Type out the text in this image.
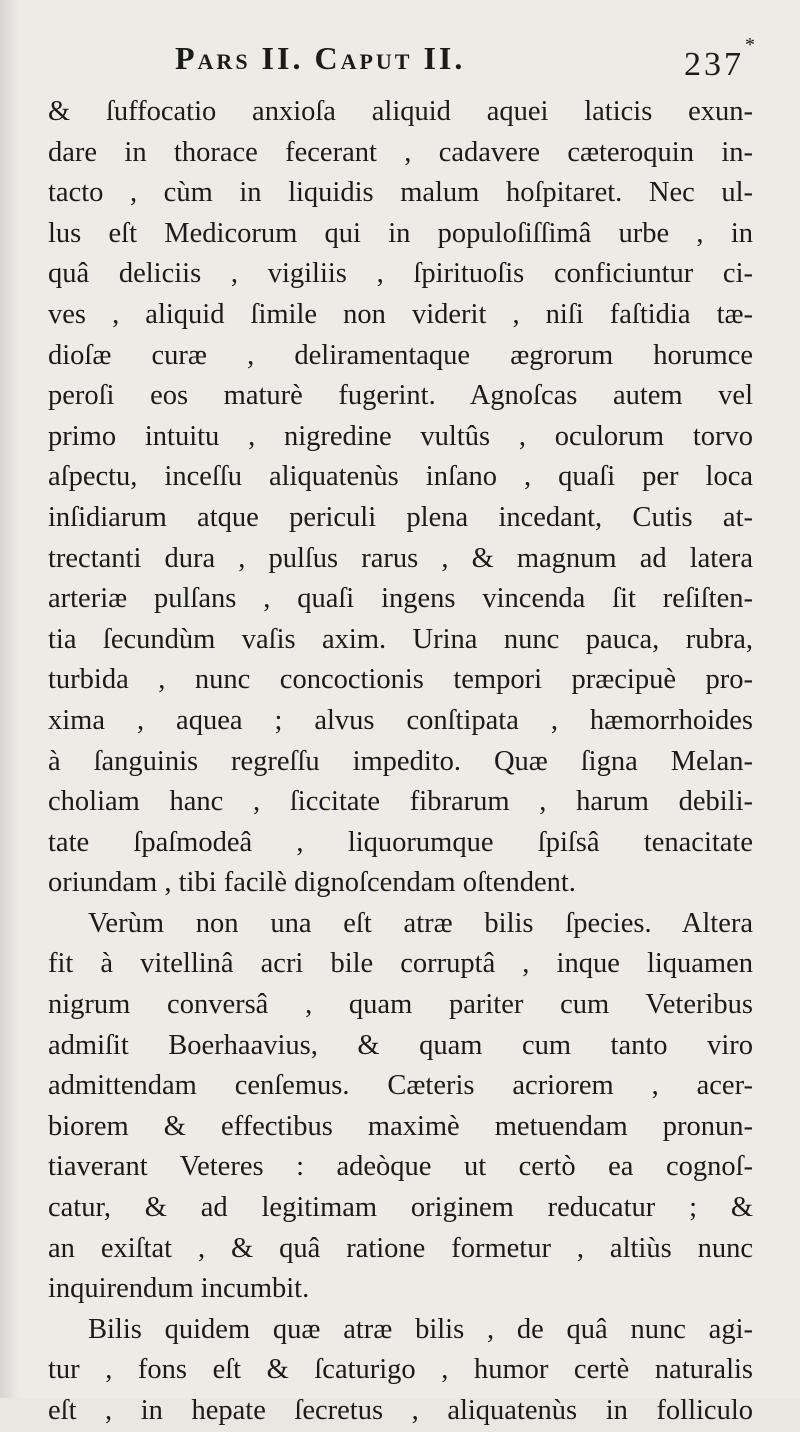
Pars II. Caput II.	237
*
& ſuffocatio anxioſa aliquid aquei laticis exun-
dare in thorace fecerant , cadavere cæteroquin in-
tacto , cùm in liquidis malum hoſpitaret. Nec ul-
lus eſt Medicorum qui in populoſiſſimâ urbe , in
quâ deliciis , vigiliis , ſpirituoſis conficiuntur ci-
ves , aliquid ſimile non viderit , niſi faſtidia tæ-
dioſæ curæ , deliramentaque ægrorum horumce
peroſi eos maturè fugerint. Agnoſcas autem vel
primo intuitu , nigredine vultûs , oculorum torvo
aſpectu, inceſſu aliquatenùs inſano , quaſi per loca
inſidiarum atque periculi plena incedant, Cutis at-
trectanti dura , pulſus rarus , & magnum ad latera
arteriæ pulſans , quaſi ingens vincenda ſit reſiſten-
tia ſecundùm vaſis axim. Urina nunc pauca, rubra,
turbida , nunc concoctionis tempori præcipuè pro-
xima , aquea ; alvus conſtipata , hæmorrhoides
à ſanguinis regreſſu impedito. Quæ ſigna Melan-
choliam hanc , ſiccitate fibrarum , harum debili-
tate ſpaſmodeâ , liquorumque ſpiſsâ tenacitate
oriundam , tibi facilè dignoſcendam oſtendent.
Verùm non una eſt atræ bilis ſpecies. Altera
fit à vitellinâ acri bile corruptâ , inque liquamen
nigrum conversâ , quam pariter cum Veteribus
admiſit Boerhaavius, & quam cum tanto viro
admittendam cenſemus. Cæteris acriorem , acer-
biorem & effectibus maximè metuendam pronun-
tiaverant Veteres : adeòque ut certò ea cognoſ-
catur, & ad legitimam originem reducatur ; &
an exiſtat , & quâ ratione formetur , altiùs nunc
inquirendum incumbit.
Bilis quidem quæ atræ bilis , de quâ nunc agi-
tur , fons eſt & ſcaturigo , humor certè naturalis
eſt , in hepate ſecretus , aliquatenùs in folliculo
